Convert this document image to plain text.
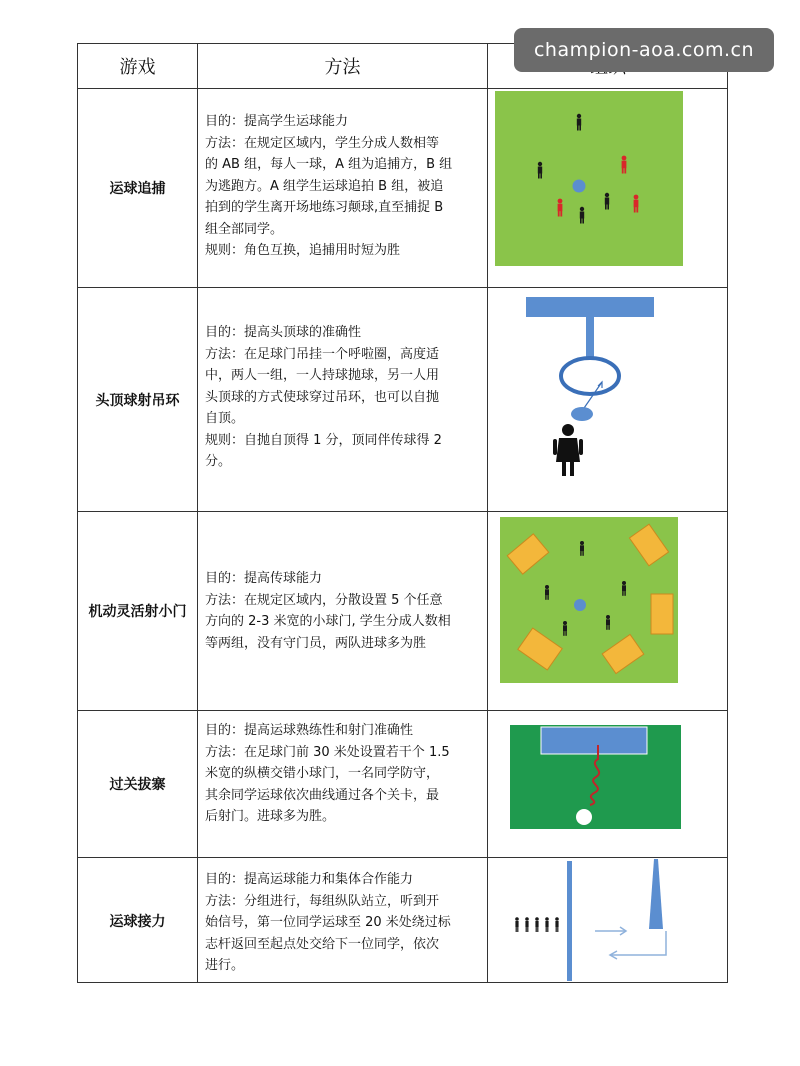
游戏	方法
运球追捕
目的：提高学生运球能力
方法：在规定区域内，学生分成人数相等
的 AB 组，每人一球，A 组为追捕方，B 组
为逃跑方。A 组学生运球追拍 B 组，被追
拍到的学生离开场地练习颠球,直至捕捉 B
组全部同学。
规则：角色互换，追捕用时短为胜
头顶球射吊环
目的：提高头顶球的准确性
方法：在足球门吊挂一个呼啦圈，高度适
中，两人一组，一人持球抛球，另一人用
头顶球的方式使球穿过吊环，也可以自抛
自顶。
规则：自抛自顶得 1 分，顶同伴传球得 2
分。
机动灵活射小门
目的：提高传球能力
方法：在规定区域内，分散设置 5 个任意
方向的 2-3 米宽的小球门, 学生分成人数相
等两组，没有守门员，两队进球多为胜
过关拔寨
目的：提高运球熟练性和射门准确性
方法：在足球门前 30 米处设置若干个 1.5
米宽的纵横交错小球门，一名同学防守，
其余同学运球依次曲线通过各个关卡，最
后射门。进球多为胜。
运球接力
目的：提高运球能力和集体合作能力
方法：分组进行，每组纵队站立，听到开
始信号，第一位同学运球至 20 米处绕过标
志杆返回至起点处交给下一位同学，依次
进行。
champion-aoa.com.cn
